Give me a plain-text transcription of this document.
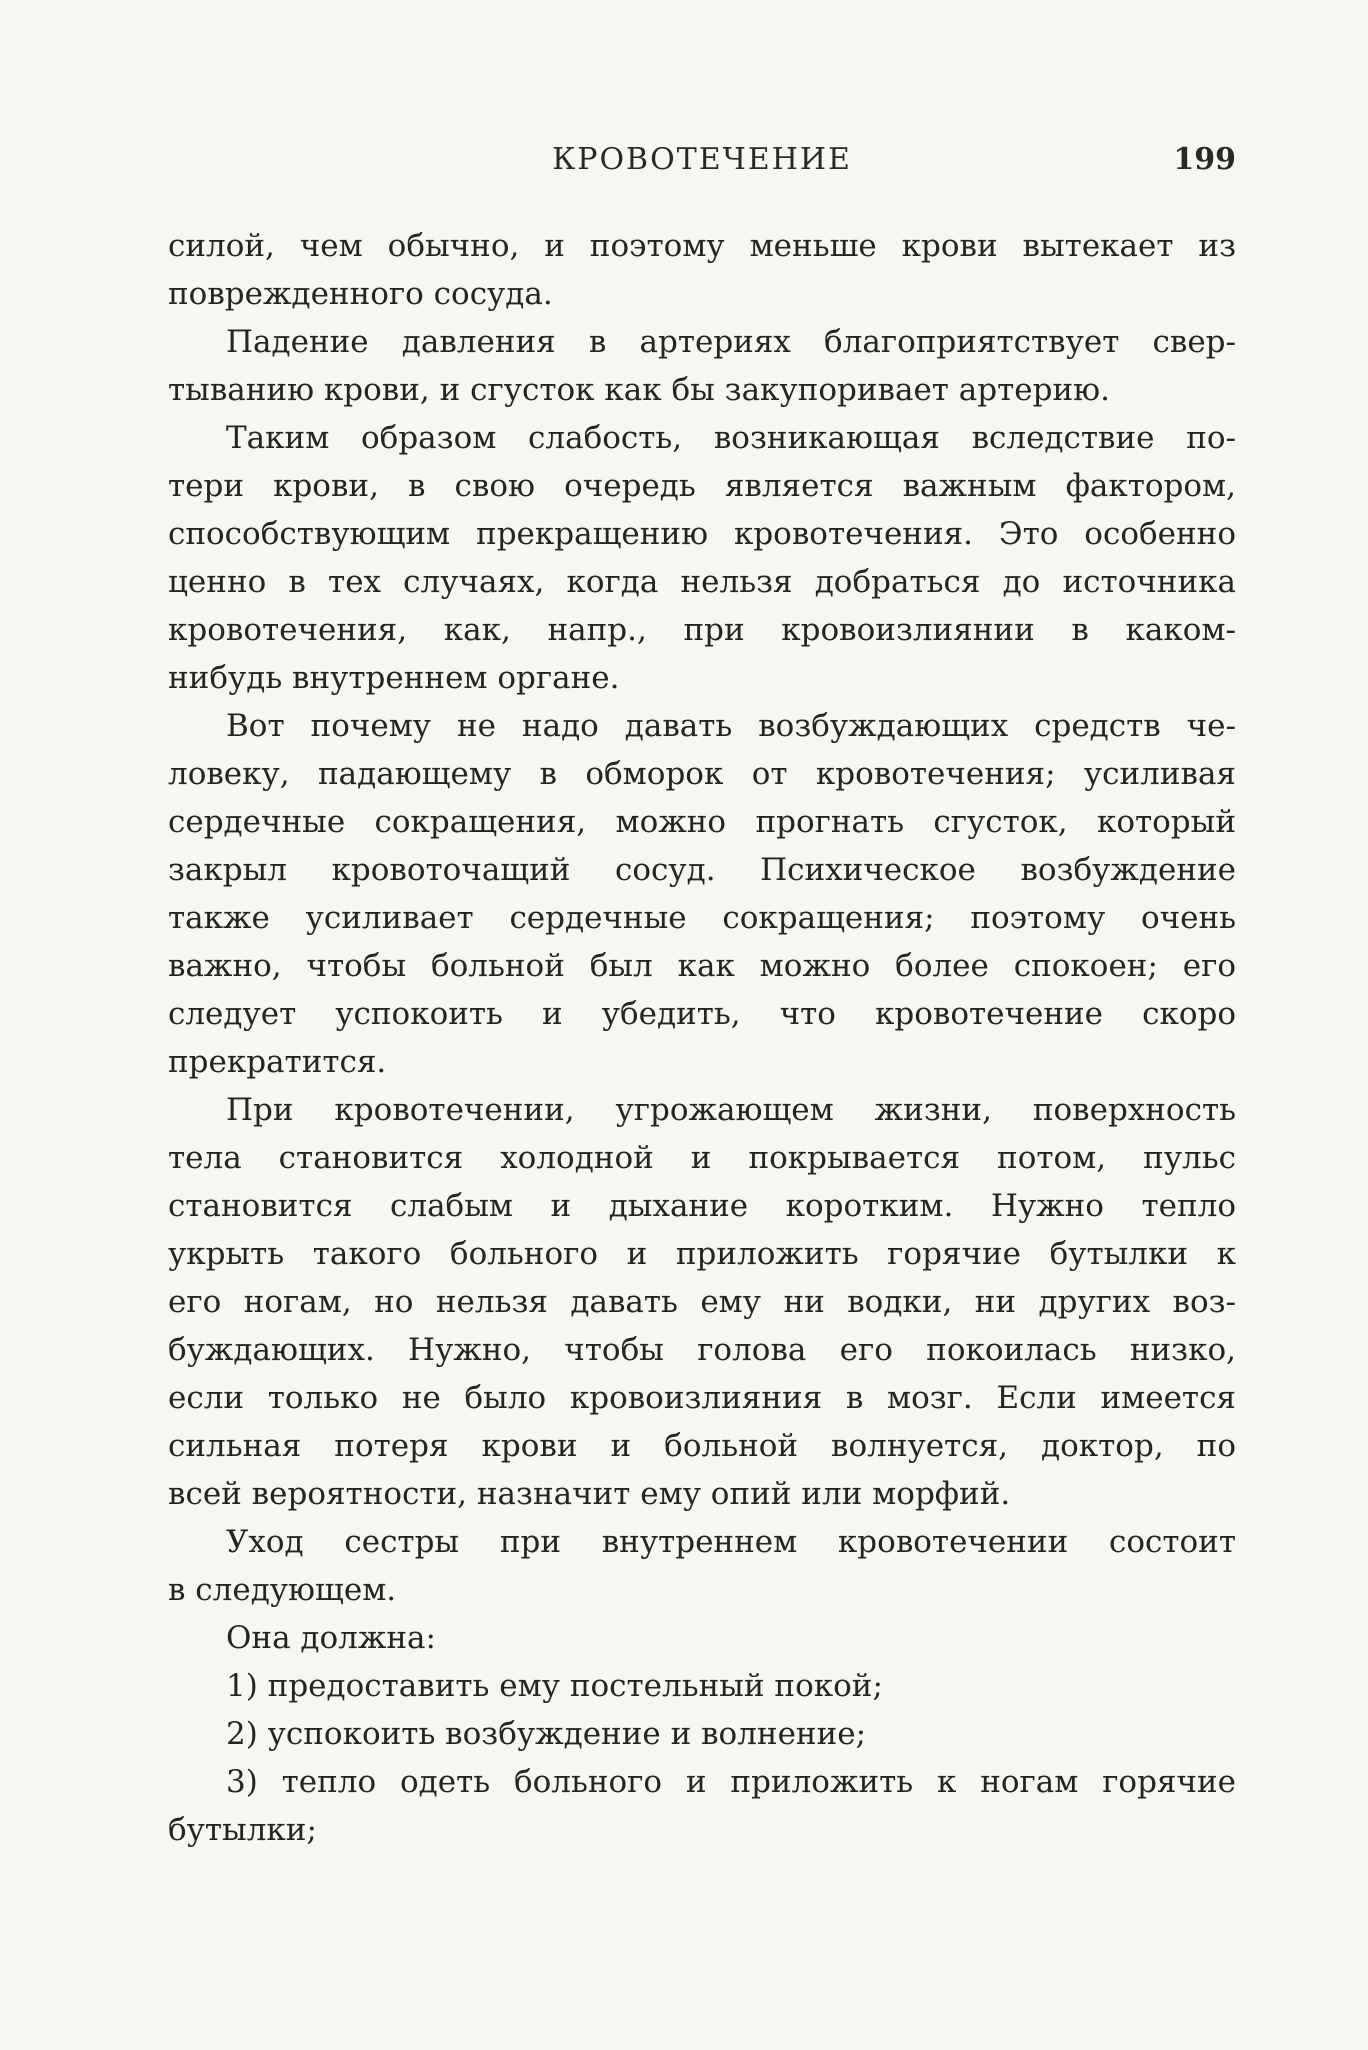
КРОВОТЕЧЕНИЕ	199
силой, чем обычно, и поэтому меньше крови вытекает из
поврежденного сосуда.
Падение давления в артериях благоприятствует свер-
тыванию крови, и сгусток как бы закупоривает артерию.
Таким образом слабость, возникающая вследствие по-
тери крови, в свою очередь является важным фактором,
способствующим прекращению кровотечения. Это особенно
ценно в тех случаях, когда нельзя добраться до источника
кровотечения, как, напр., при кровоизлиянии в каком-
нибудь внутреннем органе.
Вот почему не надо давать возбуждающих средств че-
ловеку, падающему в обморок от кровотечения; усиливая
сердечные сокращения, можно прогнать сгусток, который
закрыл кровоточащий сосуд. Психическое возбуждение
также усиливает сердечные сокращения; поэтому очень
важно, чтобы больной был как можно более спокоен; его
следует успокоить и убедить, что кровотечение скоро
прекратится.
При кровотечении, угрожающем жизни, поверхность
тела становится холодной и покрывается потом, пульс
становится слабым и дыхание коротким. Нужно тепло
укрыть такого больного и приложить горячие бутылки к
его ногам, но нельзя давать ему ни водки, ни других воз-
буждающих. Нужно, чтобы голова его покоилась низко,
если только не было кровоизлияния в мозг. Если имеется
сильная потеря крови и больной волнуется, доктор, по
всей вероятности, назначит ему опий или морфий.
Уход сестры при внутреннем кровотечении состоит
в следующем.
Она должна:
1) предоставить ему постельный покой;
2) успокоить возбуждение и волнение;
3) тепло одеть больного и приложить к ногам горячие
бутылки;
